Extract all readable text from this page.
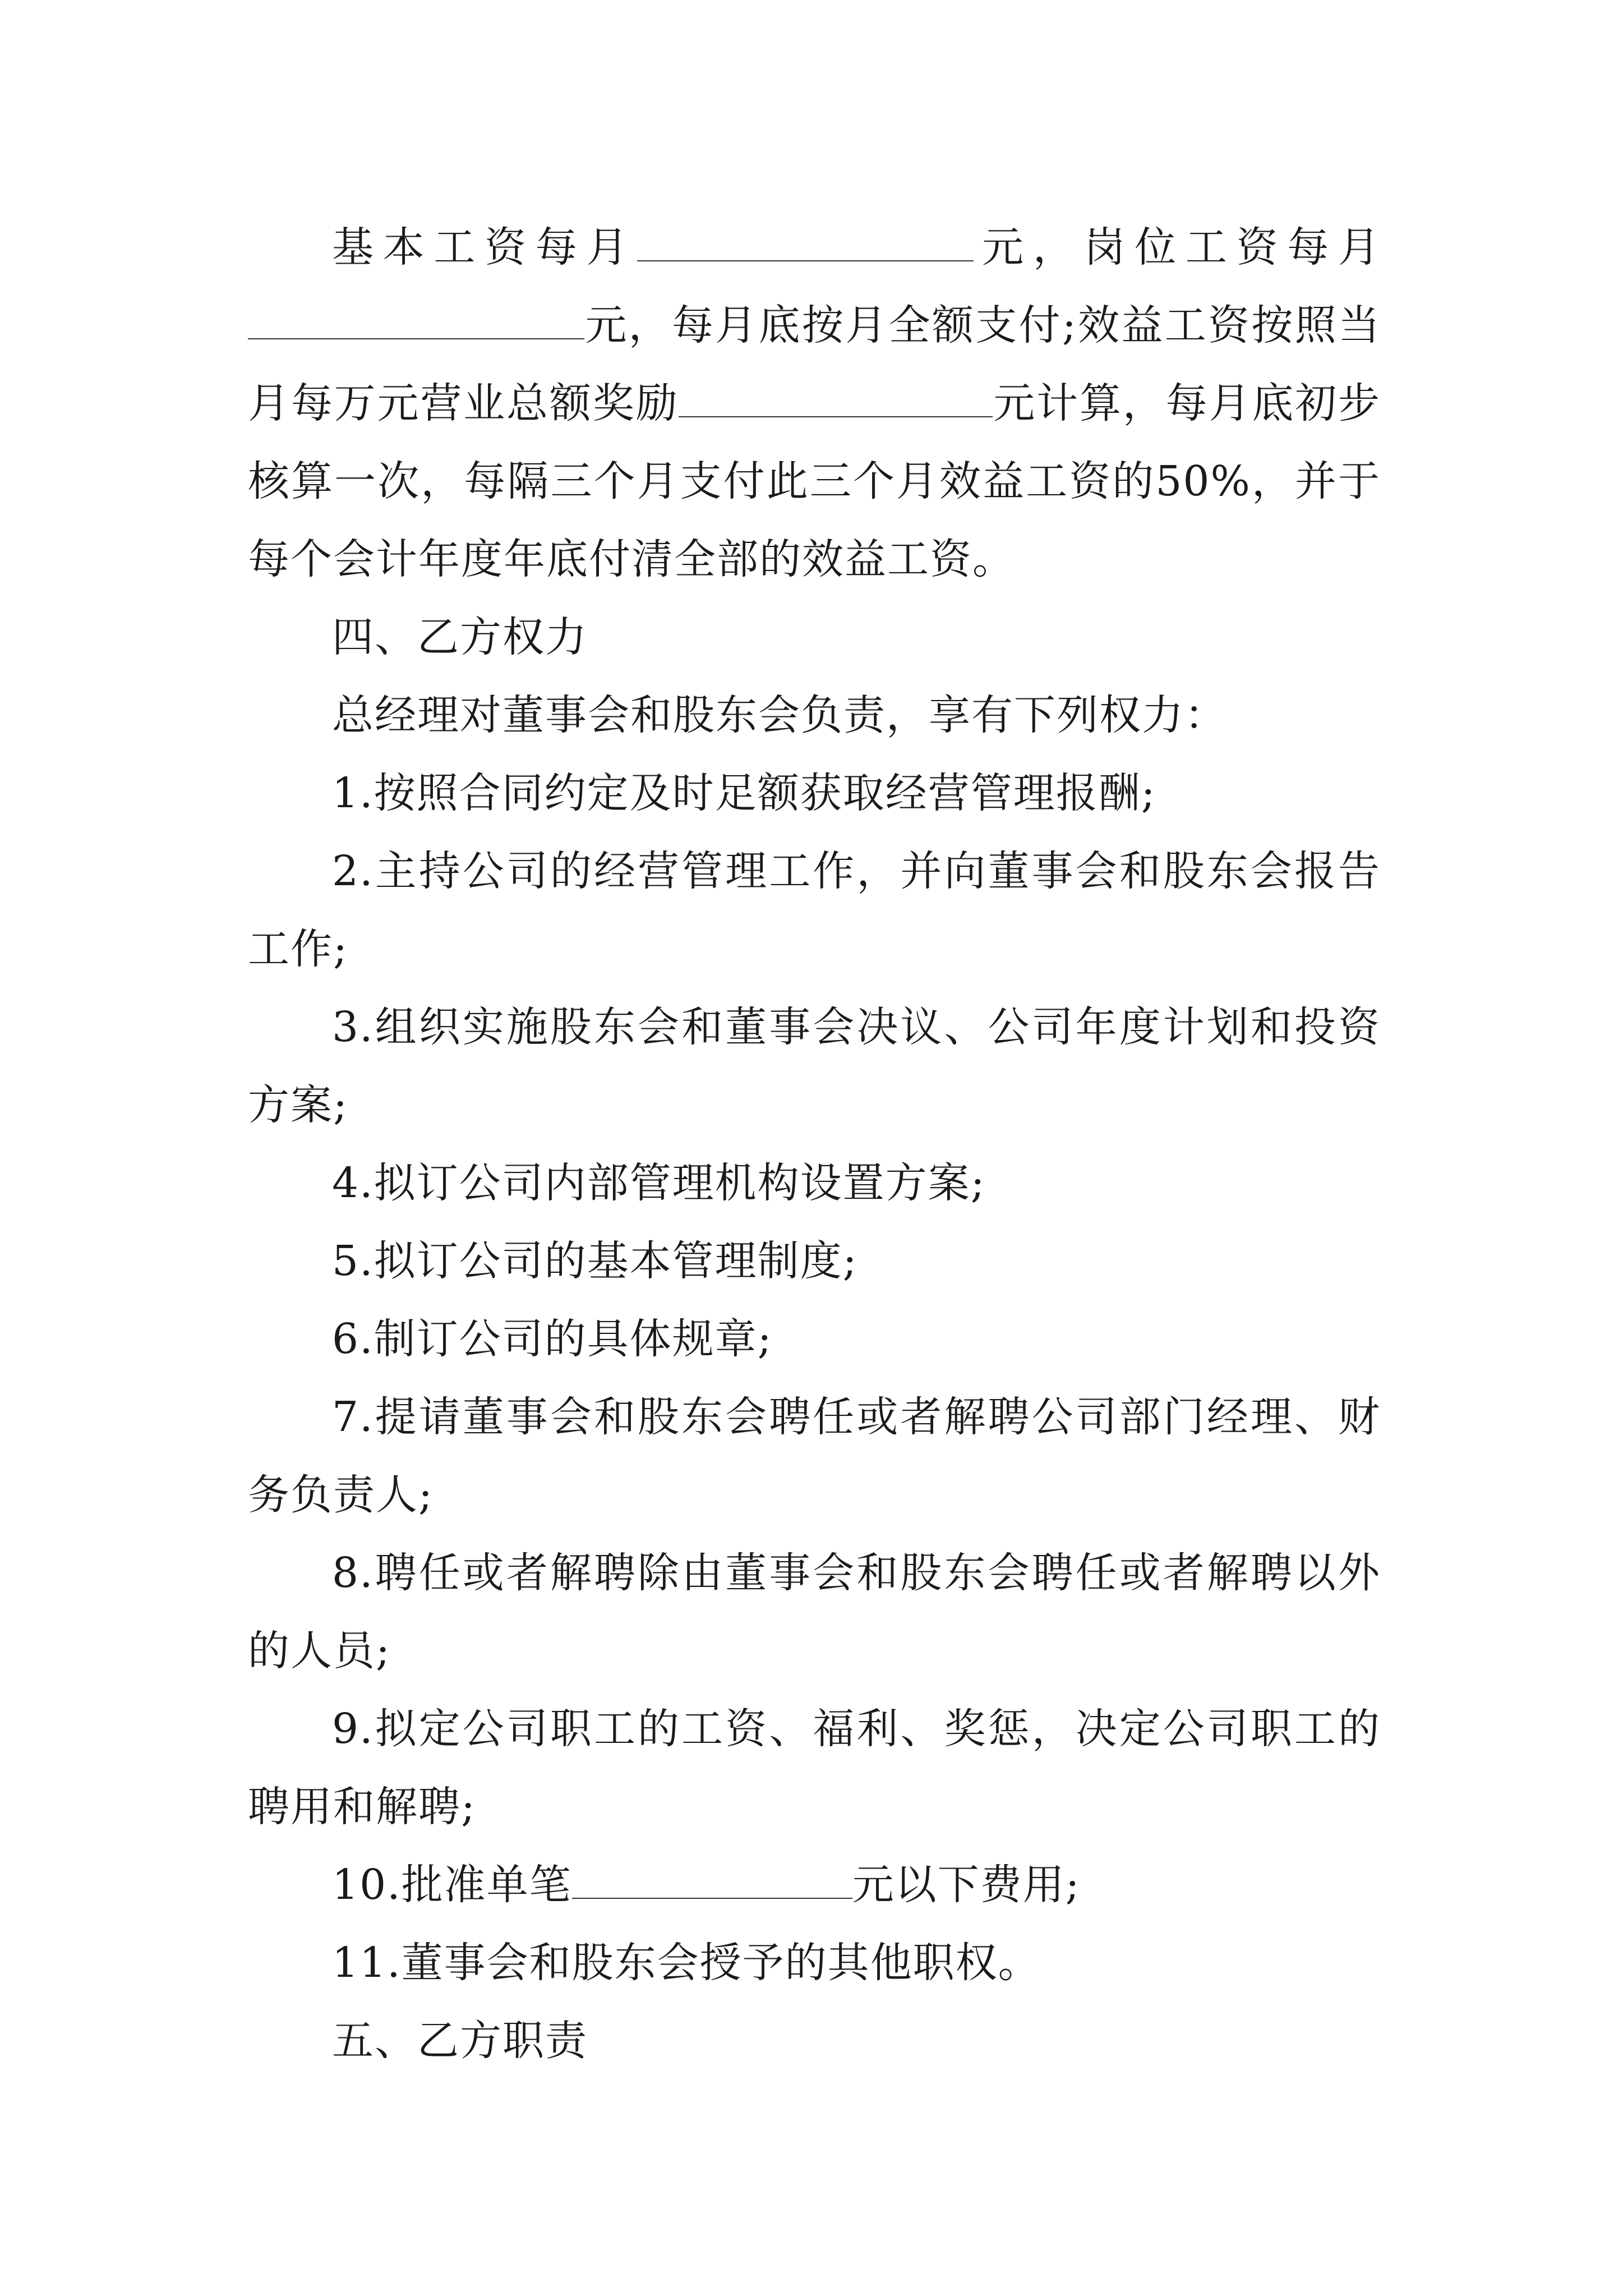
基本工资每月	元，岗位工资每月元，每月底按月全额支付;效益工资按照当月每万元营业总额奖励	元计算，每月底初步核算一次，每隔三个月支付此三个月效益工资的50%，并于每个会计年度年底付清全部的效益工资。

四、乙方权力

总经理对董事会和股东会负责，享有下列权力：

1.按照合同约定及时足额获取经营管理报酬;

2.主持公司的经营管理工作，并向董事会和股东会报告工作;

3.组织实施股东会和董事会决议、公司年度计划和投资方案;

4.拟订公司内部管理机构设置方案;

5.拟订公司的基本管理制度;

6.制订公司的具体规章;

7.提请董事会和股东会聘任或者解聘公司部门经理、财务负责人;

8.聘任或者解聘除由董事会和股东会聘任或者解聘以外的人员;

9.拟定公司职工的工资、福利、奖惩，决定公司职工的聘用和解聘;

10.批准单笔	元以下费用;

11.董事会和股东会授予的其他职权。

五、乙方职责
